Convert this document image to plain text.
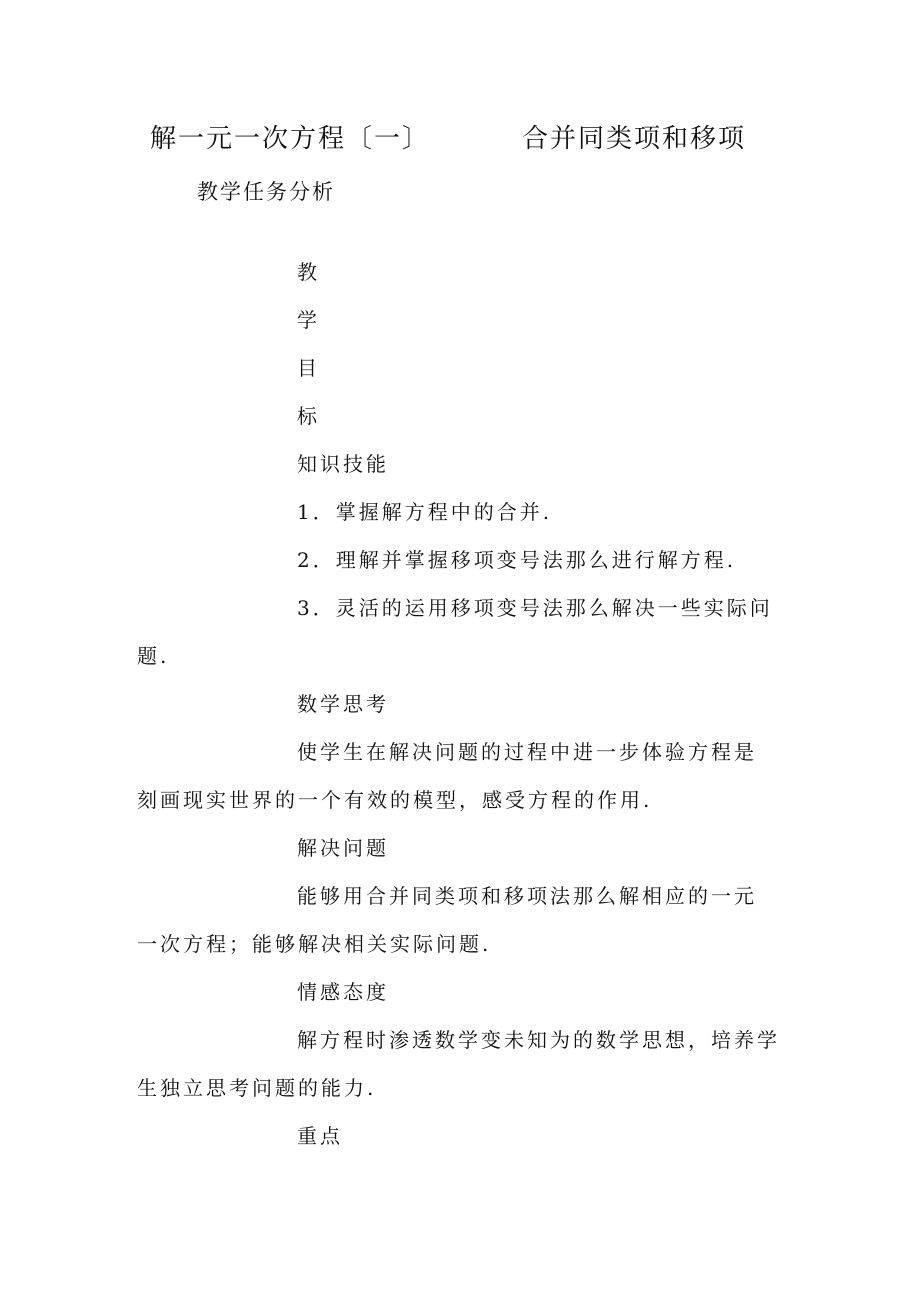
解一元一次方程〔一〕	合并同类项和移项
教学任务分析
教
学
目
标
知识技能
1．掌握解方程中的合并.
2．理解并掌握移项变号法那么进行解方程.
3．灵活的运用移项变号法那么解决一些实际问
题.
数学思考
使学生在解决问题的过程中进一步体验方程是
刻画现实世界的一个有效的模型，感受方程的作用.
解决问题
能够用合并同类项和移项法那么解相应的一元
一次方程；能够解决相关实际问题.
情感态度
解方程时渗透数学变未知为的数学思想，培养学
生独立思考问题的能力.
重点
